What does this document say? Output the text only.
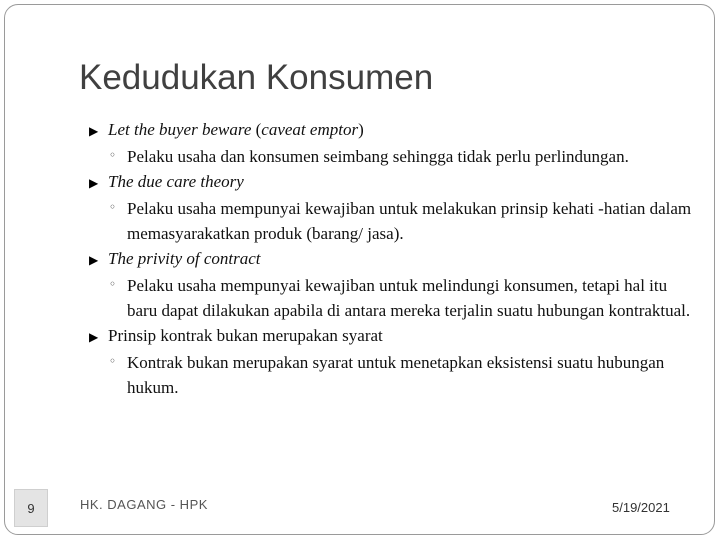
Kedudukan Konsumen
▶ Let the buyer beware (caveat emptor)
◦ Pelaku usaha dan konsumen seimbang sehingga tidak perlu perlindungan.
▶ The due care theory
◦ Pelaku usaha mempunyai kewajiban untuk melakukan prinsip kehati -hatian dalam memasyarakatkan produk (barang/ jasa).
▶ The privity of contract
◦ Pelaku usaha mempunyai kewajiban untuk melindungi konsumen, tetapi hal itu baru dapat dilakukan apabila di antara mereka terjalin suatu hubungan kontraktual.
▶ Prinsip kontrak bukan merupakan syarat
◦ Kontrak bukan merupakan syarat untuk menetapkan eksistensi suatu hubungan hukum.
9	HK. DAGANG - HPK	5/19/2021
